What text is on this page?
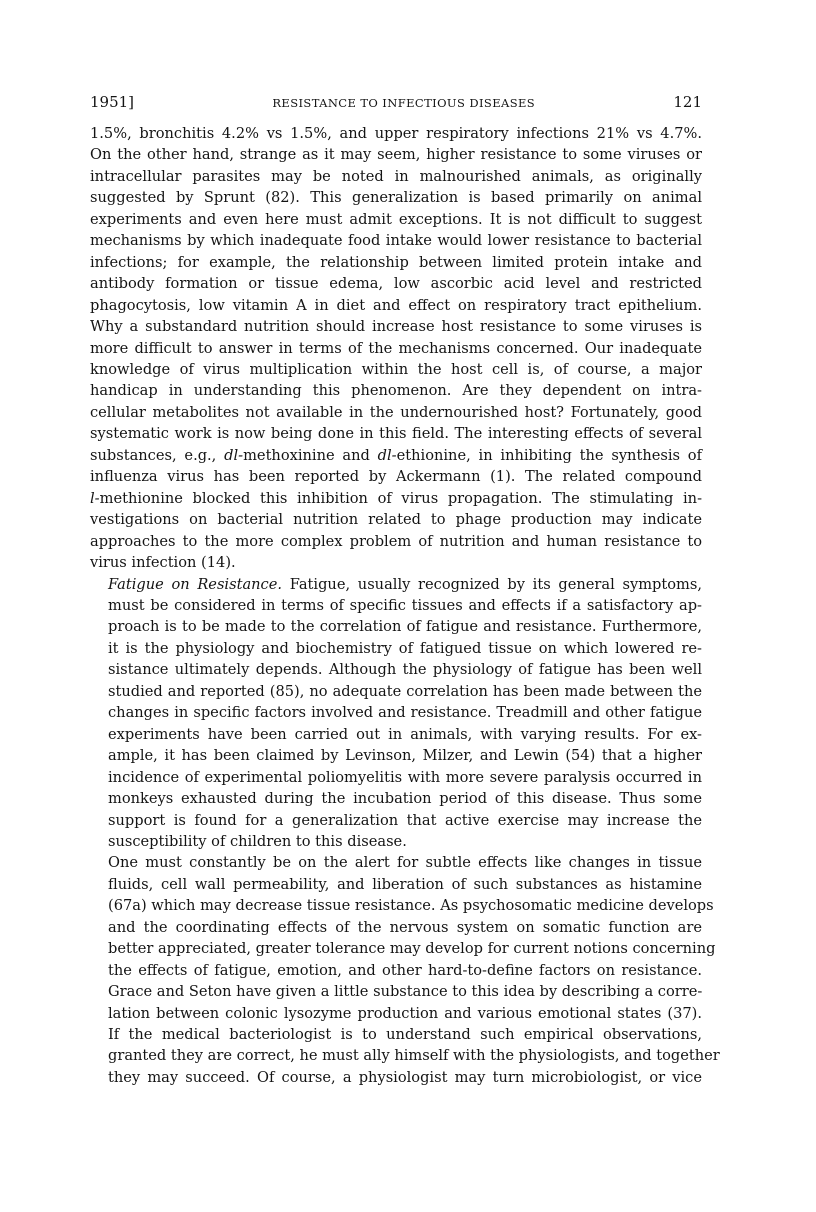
1951]	RESISTANCE TO INFECTIOUS DISEASES	121

1.5%, bronchitis 4.2% vs 1.5%, and upper respiratory infections 21% vs 4.7%.
On the other hand, strange as it may seem, higher resistance to some viruses or
intracellular parasites may be noted in malnourished animals, as originally
suggested by Sprunt (82). This generalization is based primarily on animal
experiments and even here must admit exceptions. It is not difficult to suggest
mechanisms by which inadequate food intake would lower resistance to bacterial
infections; for example, the relationship between limited protein intake and
antibody formation or tissue edema, low ascorbic acid level and restricted
phagocytosis, low vitamin A in diet and effect on respiratory tract epithelium.
Why a substandard nutrition should increase host resistance to some viruses is
more difficult to answer in terms of the mechanisms concerned. Our inadequate
knowledge of virus multiplication within the host cell is, of course, a major
handicap in understanding this phenomenon. Are they dependent on intra-
cellular metabolites not available in the undernourished host? Fortunately, good
systematic work is now being done in this field. The interesting effects of several
substances, e.g., dl-methoxinine and dl-ethionine, in inhibiting the synthesis of
influenza virus has been reported by Ackermann (1). The related compound
l-methionine blocked this inhibition of virus propagation. The stimulating in-
vestigations on bacterial nutrition related to phage production may indicate
approaches to the more complex problem of nutrition and human resistance to
virus infection (14).

Fatigue on Resistance. Fatigue, usually recognized by its general symptoms,
must be considered in terms of specific tissues and effects if a satisfactory ap-
proach is to be made to the correlation of fatigue and resistance. Furthermore,
it is the physiology and biochemistry of fatigued tissue on which lowered re-
sistance ultimately depends. Although the physiology of fatigue has been well
studied and reported (85), no adequate correlation has been made between the
changes in specific factors involved and resistance. Treadmill and other fatigue
experiments have been carried out in animals, with varying results. For ex-
ample, it has been claimed by Levinson, Milzer, and Lewin (54) that a higher
incidence of experimental poliomyelitis with more severe paralysis occurred in
monkeys exhausted during the incubation period of this disease. Thus some
support is found for a generalization that active exercise may increase the
susceptibility of children to this disease.

One must constantly be on the alert for subtle effects like changes in tissue
fluids, cell wall permeability, and liberation of such substances as histamine
(67a) which may decrease tissue resistance. As psychosomatic medicine develops
and the coordinating effects of the nervous system on somatic function are
better appreciated, greater tolerance may develop for current notions concerning
the effects of fatigue, emotion, and other hard-to-define factors on resistance.
Grace and Seton have given a little substance to this idea by describing a corre-
lation between colonic lysozyme production and various emotional states (37).
If the medical bacteriologist is to understand such empirical observations,
granted they are correct, he must ally himself with the physiologists, and together
they may succeed. Of course, a physiologist may turn microbiologist, or vice
